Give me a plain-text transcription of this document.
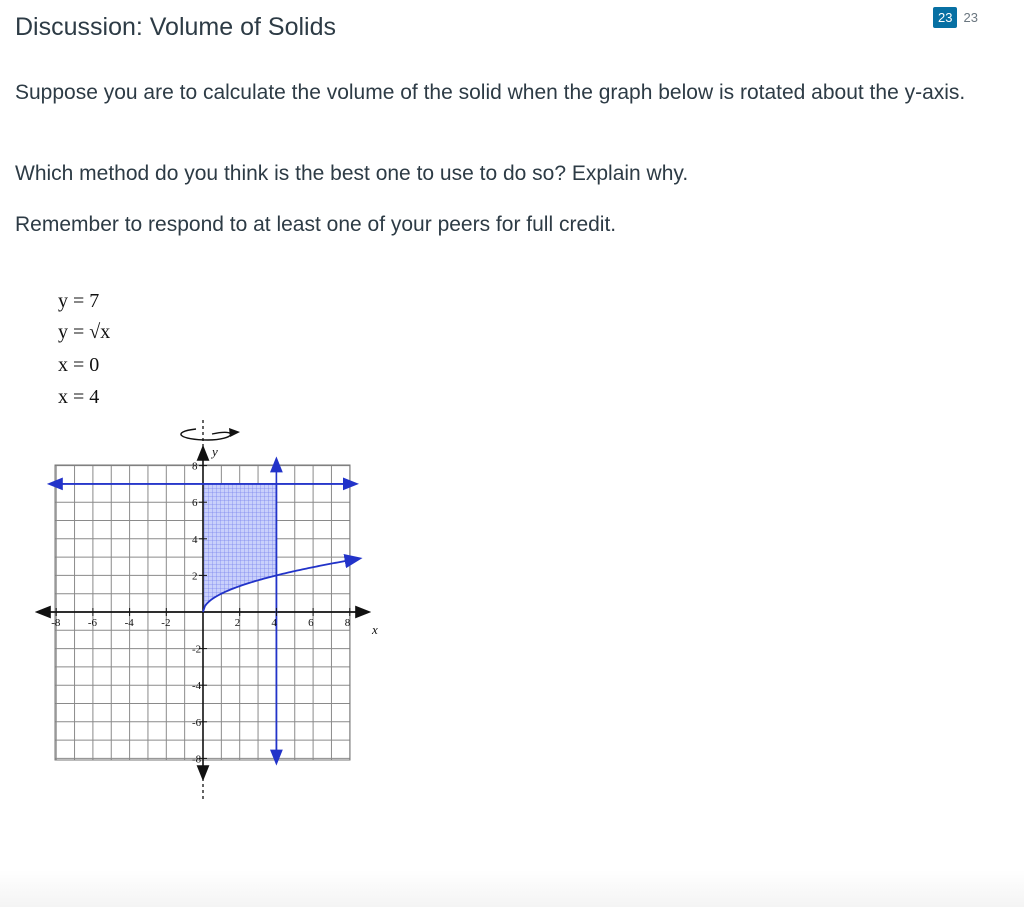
Discussion: Volume of Solids	23 23

Suppose you are to calculate the volume of the solid when the graph below is rotated about the y-axis.

Which method do you think is the best one to use to do so? Explain why.

Remember to respond to at least one of your peers for full credit.

y = 7
y = √x
x = 0
x = 4
x
y
-8	-6	-4	-2	2	4	6	8
-8
-6
-4
-2
2
4
6
8
